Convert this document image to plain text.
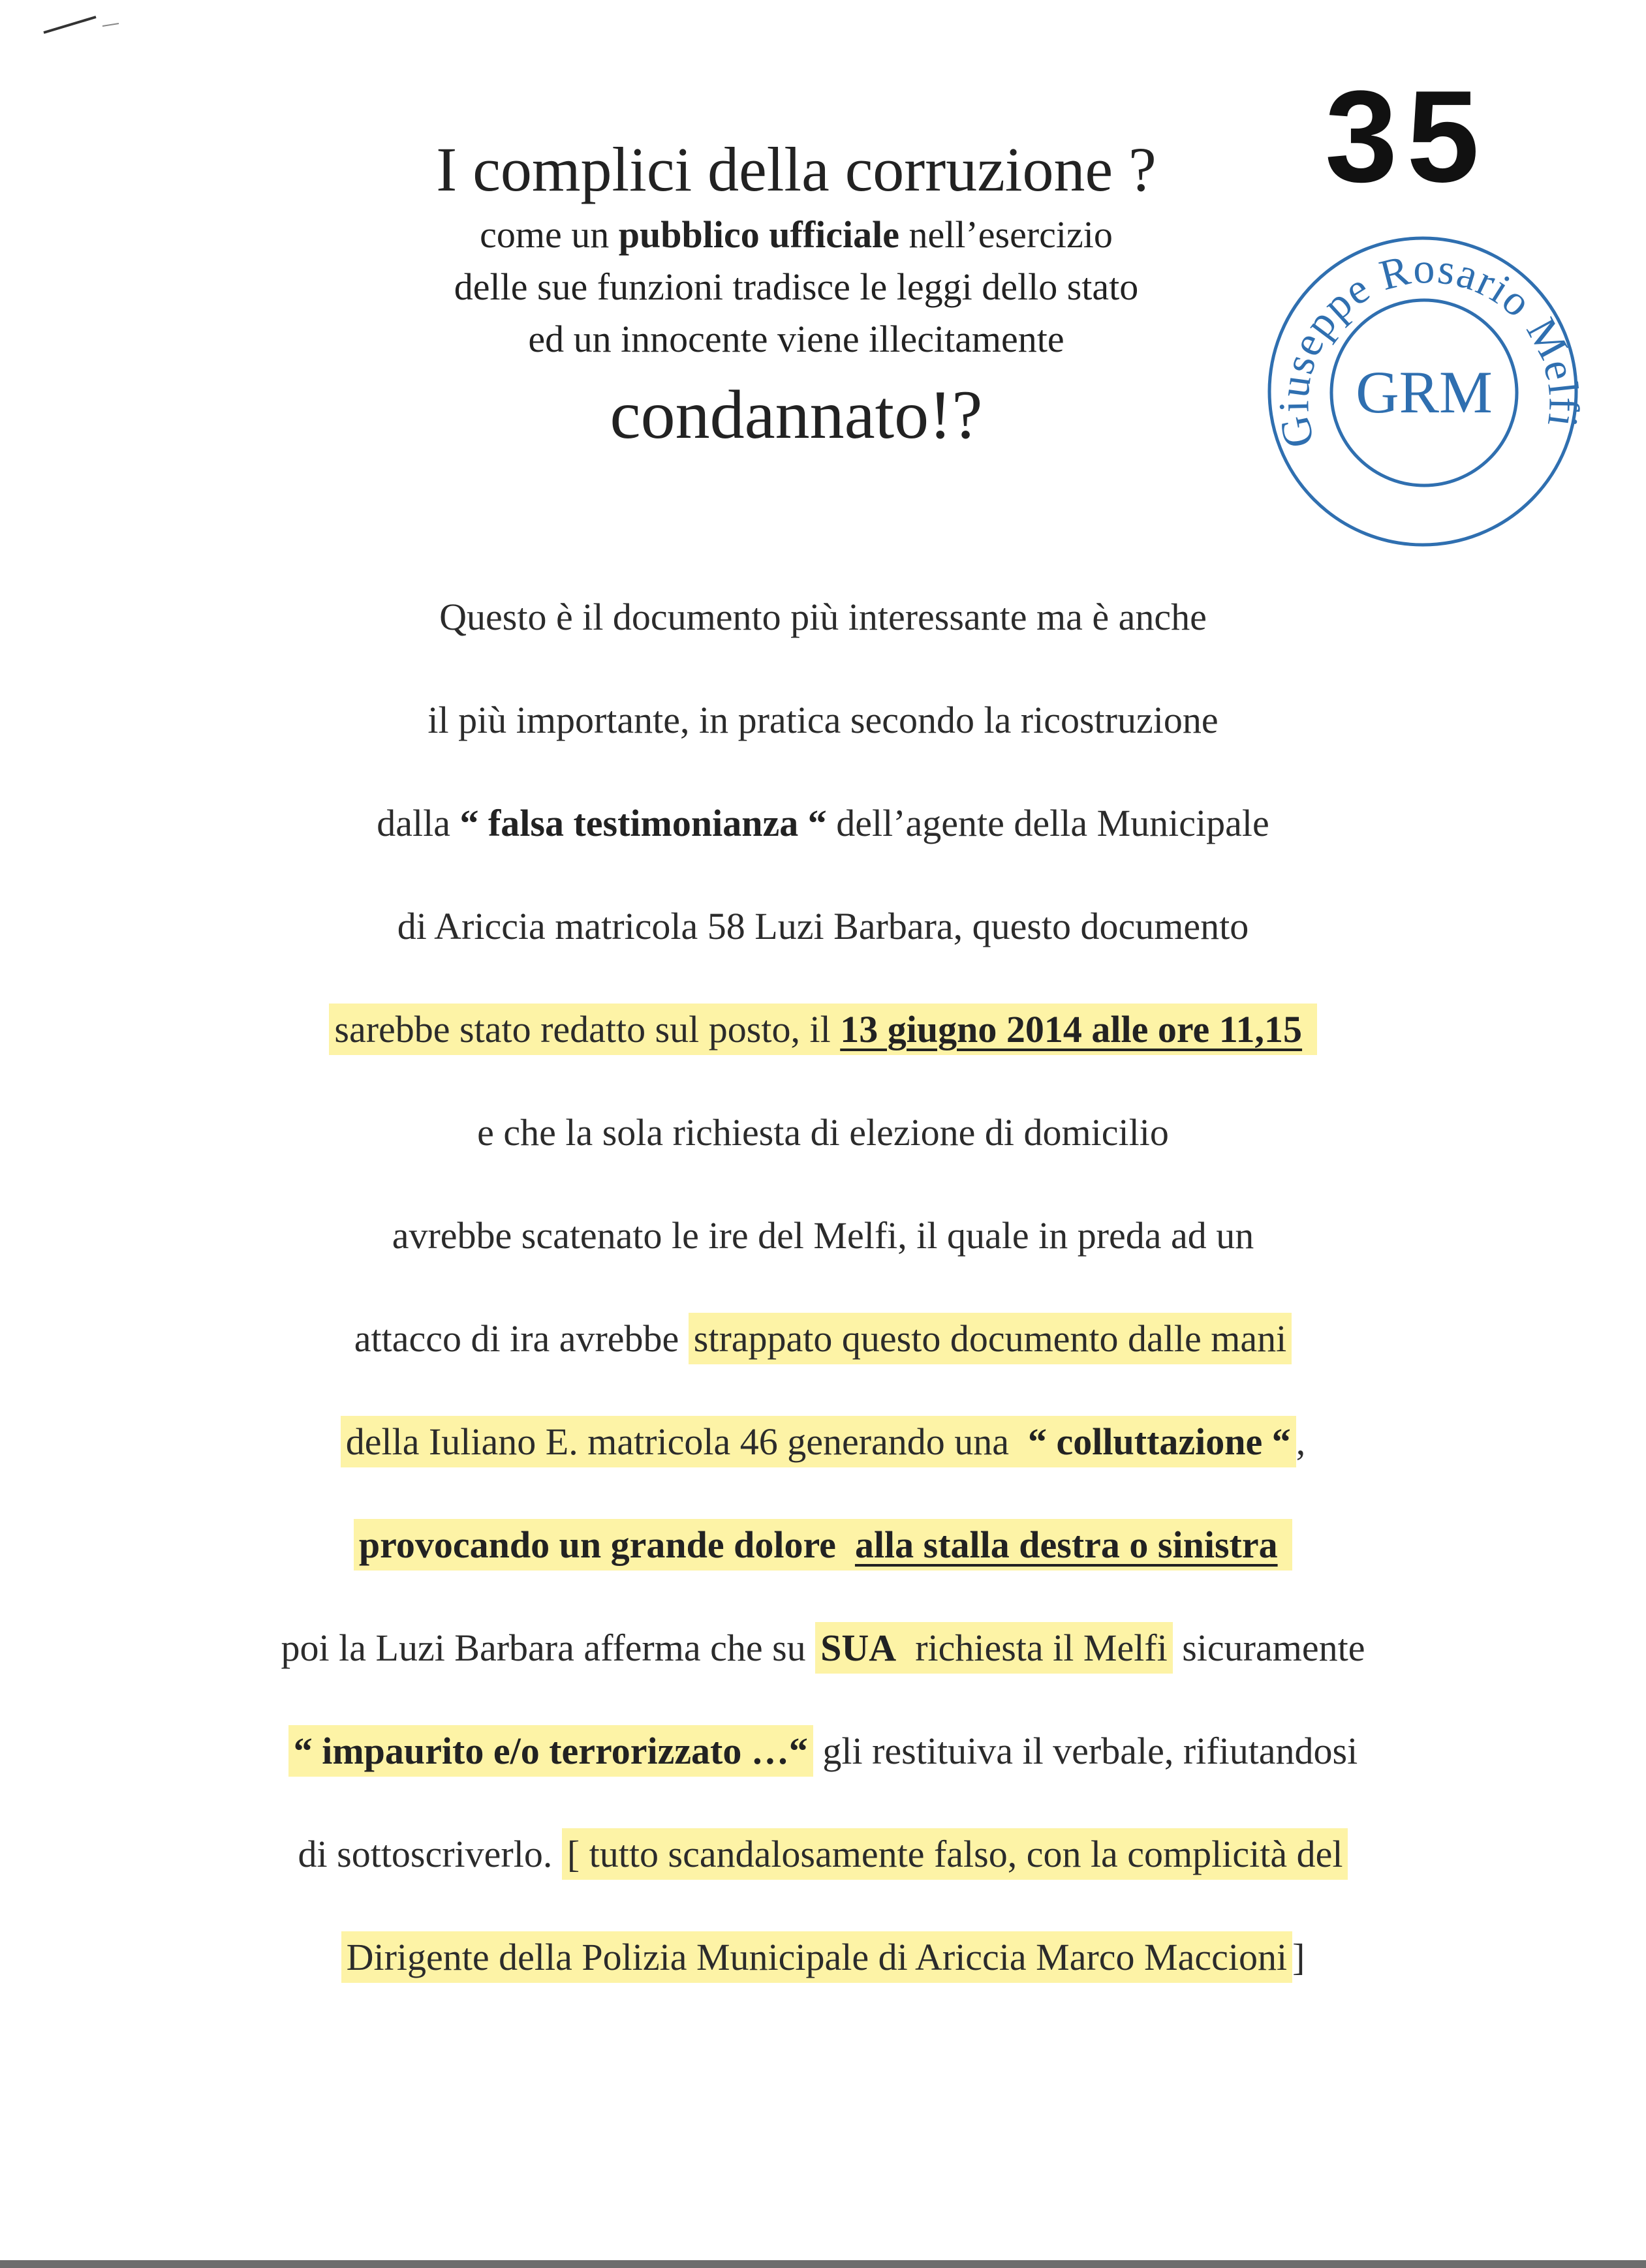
35
Giuseppe Rosario Melfi
GRM
I complici della corruzione ?
come un pubblico ufficiale nell’esercizio
delle sue funzioni tradisce le leggi dello stato
ed un innocente viene illecitamente
condannato!?
Questo è il documento più interessante ma è anche
il più importante, in pratica secondo la ricostruzione
dalla
“ falsa testimonianza “
dell’agente della Municipale
di Ariccia matricola 58 Luzi Barbara, questo documento
sarebbe stato redatto sul posto, il 13 giugno 2014 alle ore 11,15
e che la sola richiesta di elezione di domicilio
avrebbe scatenato le ire del Melfi, il quale in preda ad un
attacco di ira avrebbe
strappato questo documento dalle mani
della Iuliano E. matricola 46 generando una  “ colluttazione “ ,
provocando un grande dolore  alla stalla destra o sinistra
poi la Luzi Barbara afferma che su
SUA  richiesta il Melfi
sicuramente
“ impaurito e/o terrorizzato …“
gli restituiva il verbale, rifiutandosi
di sottoscriverlo.
[ tutto scandalosamente falso, con la complicità del
Dirigente della Polizia Municipale di Ariccia Marco Maccioni ]
